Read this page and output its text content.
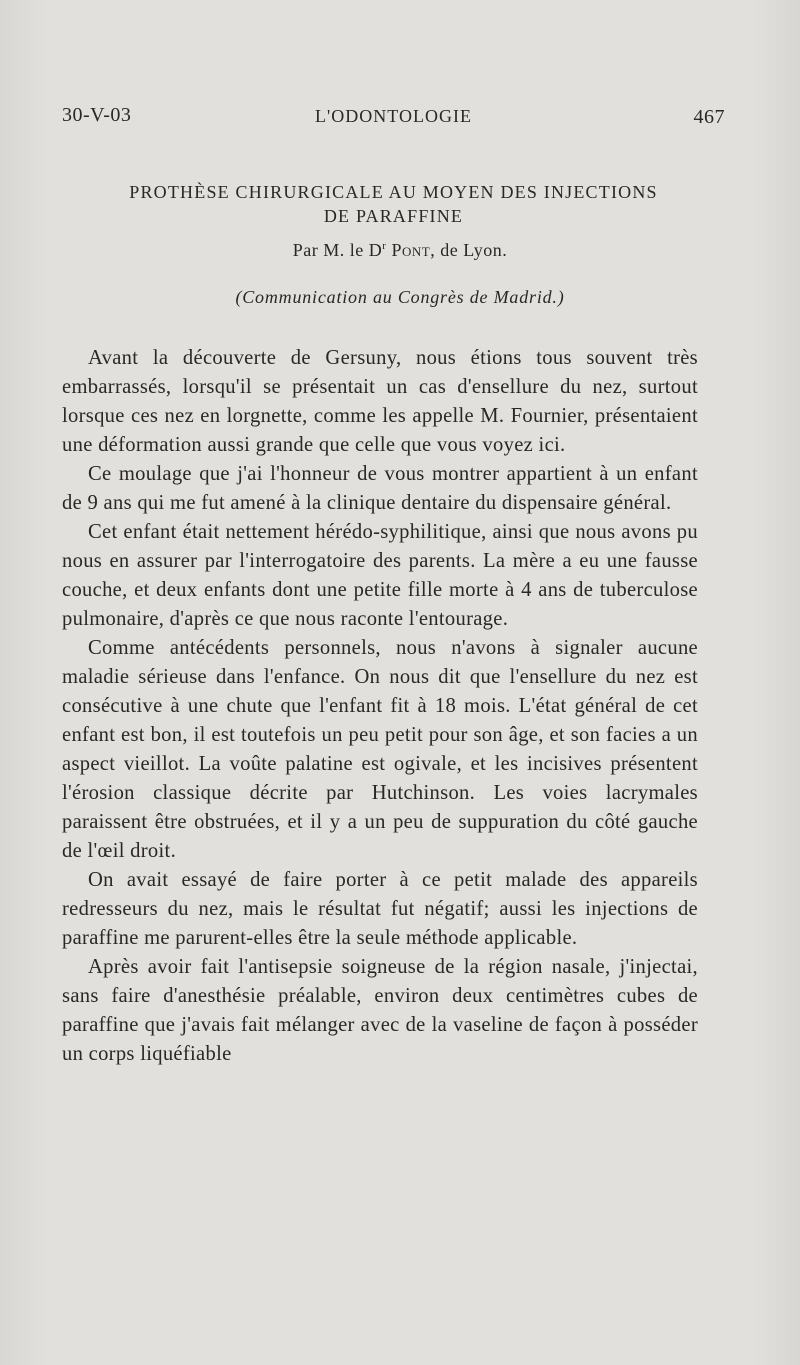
30-V-03	L'ODONTOLOGIE	467
PROTHÈSE CHIRURGICALE AU MOYEN DES INJECTIONS
DE PARAFFINE
Par M. le $D^r$ Pont, de Lyon.
(Communication au Congrès de Madrid.)

Avant la découverte de Gersuny, nous étions tous souvent très embarrassés, lorsqu'il se présentait un cas d'ensellure du nez, surtout lorsque ces nez en lorgnette, comme les appelle M. Fournier, présentaient une déformation aussi grande que celle que vous voyez ici.

Ce moulage que j'ai l'honneur de vous montrer appartient à un enfant de 9 ans qui me fut amené à la clinique dentaire du dispensaire général.

Cet enfant était nettement hérédo-syphilitique, ainsi que nous avons pu nous en assurer par l'interrogatoire des parents. La mère a eu une fausse couche, et deux enfants dont une petite fille morte à 4 ans de tuberculose pulmonaire, d'après ce que nous raconte l'entourage.

Comme antécédents personnels, nous n'avons à signaler aucune maladie sérieuse dans l'enfance. On nous dit que l'ensellure du nez est consécutive à une chute que l'enfant fit à 18 mois. L'état général de cet enfant est bon, il est toutefois un peu petit pour son âge, et son facies a un aspect vieillot. La voûte palatine est ogivale, et les incisives présentent l'érosion classique décrite par Hutchinson. Les voies lacrymales paraissent être obstruées, et il y a un peu de suppuration du côté gauche de l'œil droit.

On avait essayé de faire porter à ce petit malade des appareils redresseurs du nez, mais le résultat fut négatif; aussi les injections de paraffine me parurent-elles être la seule méthode applicable.

Après avoir fait l'antisepsie soigneuse de la région nasale, j'injectai, sans faire d'anesthésie préalable, environ deux centimètres cubes de paraffine que j'avais fait mélanger avec de la vaseline de façon à posséder un corps liquéfiable
